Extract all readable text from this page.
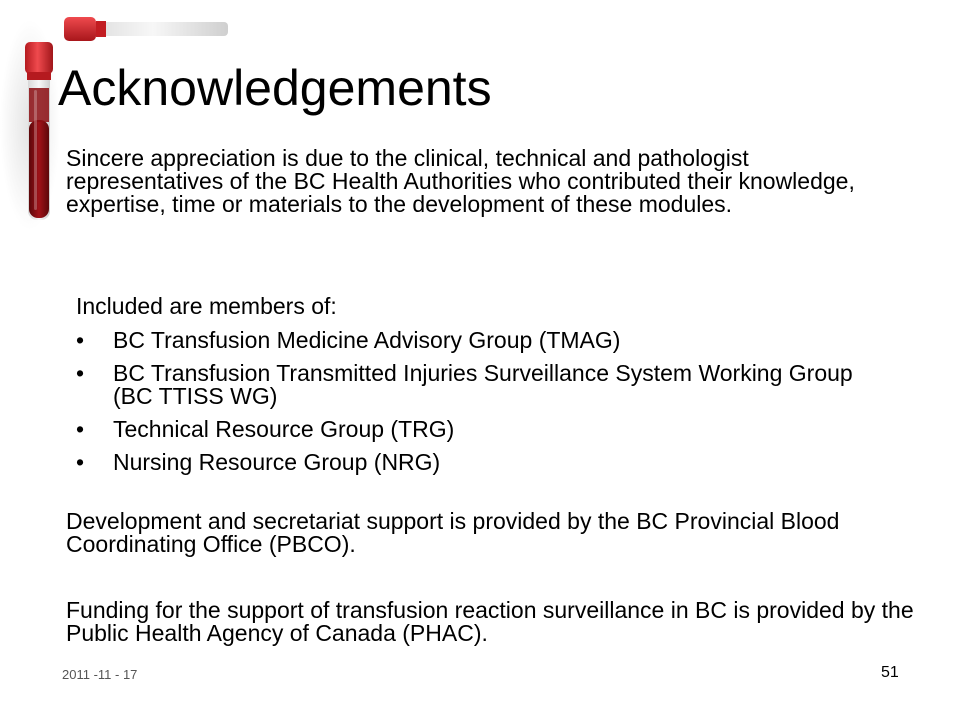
Acknowledgements

Sincere appreciation is due to the clinical, technical and pathologist representatives of the BC Health Authorities who contributed their knowledge, expertise, time or materials to the development of these modules.

Included are members of:

• BC Transfusion Medicine Advisory Group (TMAG)
• BC Transfusion Transmitted Injuries Surveillance System Working Group (BC TTISS WG)
• Technical Resource Group (TRG)
• Nursing Resource Group (NRG)

Development and secretariat support is provided by the BC Provincial Blood Coordinating Office (PBCO).

Funding for the support of transfusion reaction surveillance in BC is provided by the Public Health Agency of Canada (PHAC).

2011 -11 - 17	51
